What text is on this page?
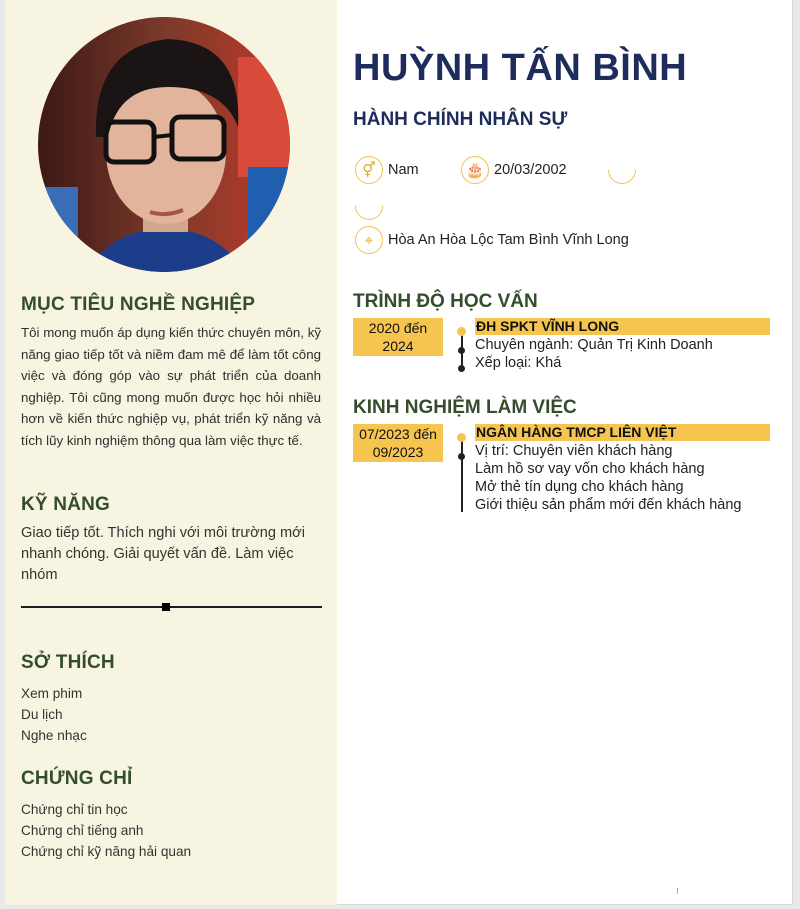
MỤC TIÊU NGHỀ NGHIỆP

Tôi mong muốn áp dụng kiến thức chuyên môn, kỹ năng giao tiếp tốt và niềm đam mê để làm tốt công việc và đóng góp vào sự phát triển của doanh nghiệp. Tôi cũng mong muốn được học hỏi nhiều hơn về kiến thức nghiệp vụ, phát triển kỹ năng và tích lũy kinh nghiệm thông qua làm việc thực tế.

KỸ NĂNG

Giao tiếp tốt. Thích nghi với môi trường mới nhanh chóng. Giải quyết vấn đề. Làm việc nhóm

SỞ THÍCH
Xem phim
Du lịch
Nghe nhạc
CHỨNG CHỈ
Chứng chỉ tin học
Chứng chỉ tiếng anh
Chứng chỉ kỹ năng hải quan
HUỲNH TẤN BÌNH
HÀNH CHÍNH NHÂN SỰ
⚥ Nam	🎂 20/03/2002
⌖	Hòa An Hòa Lộc Tam Bình Vĩnh Long
TRÌNH ĐỘ HỌC VẤN
2020 đến 2024
ĐH SPKT VĨNH LONG
Chuyên ngành: Quản Trị Kinh Doanh
Xếp loại: Khá
KINH NGHIỆM LÀM VIỆC
07/2023 đến 09/2023
NGÂN HÀNG TMCP LIÊN VIỆT
Vị trí: Chuyên viên khách hàng
Làm hồ sơ vay vốn cho khách hàng
Mở thẻ tín dụng cho khách hàng
Giới thiệu sản phẩm mới đến khách hàng
